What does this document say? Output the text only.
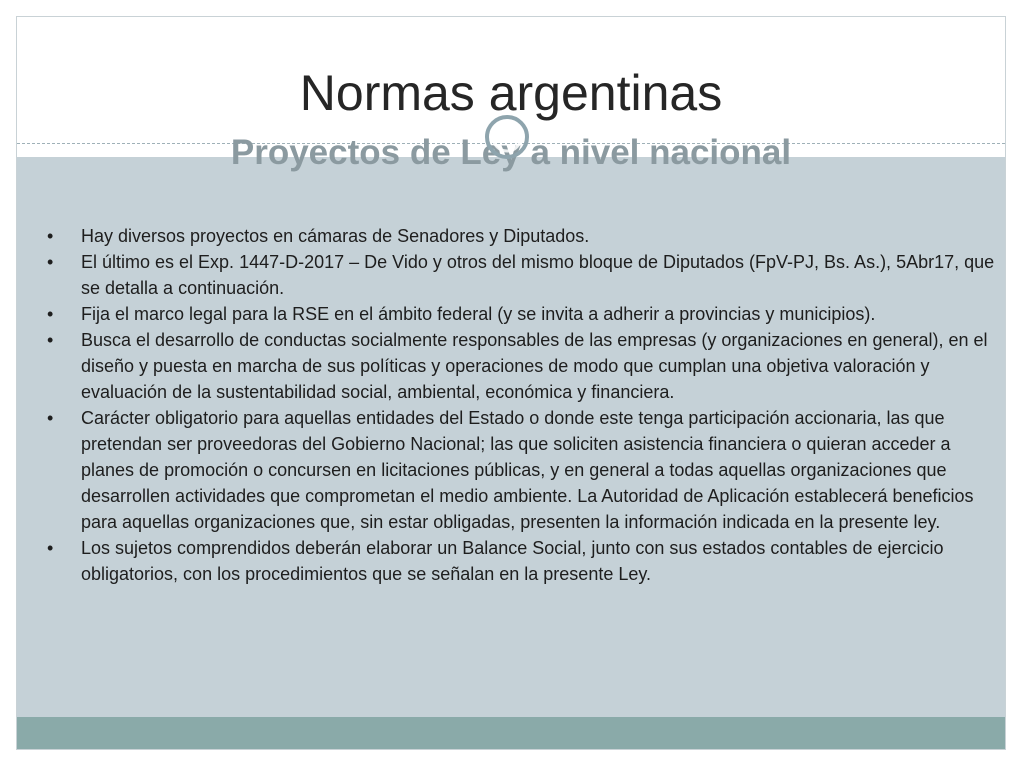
Normas argentinas
Proyectos de Ley a nivel nacional
• Hay diversos proyectos en cámaras de Senadores y Diputados.
• El último es el Exp. 1447-D-2017 – De Vido y otros del mismo bloque de Diputados (FpV-PJ, Bs. As.), 5Abr17, que se detalla a continuación.
• Fija el marco legal para la RSE en el ámbito federal (y se invita a adherir a provincias y municipios).
• Busca el desarrollo de conductas socialmente responsables de las empresas (y organizaciones en general), en el diseño y puesta en marcha de sus políticas y operaciones de modo que cumplan una objetiva valoración y evaluación de la sustentabilidad social, ambiental, económica y financiera.
• Carácter obligatorio para aquellas entidades del Estado o donde este tenga participación accionaria, las que pretendan ser proveedoras del Gobierno Nacional; las que soliciten asistencia financiera o quieran acceder a planes de promoción o concursen en licitaciones públicas, y en general a todas aquellas organizaciones que desarrollen actividades que comprometan el medio ambiente. La Autoridad de Aplicación establecerá beneficios para aquellas organizaciones que, sin estar obligadas, presenten la información indicada en la presente ley.
• Los sujetos comprendidos deberán elaborar un Balance Social, junto con sus estados contables de ejercicio obligatorios, con los procedimientos que se señalan en la presente Ley.
